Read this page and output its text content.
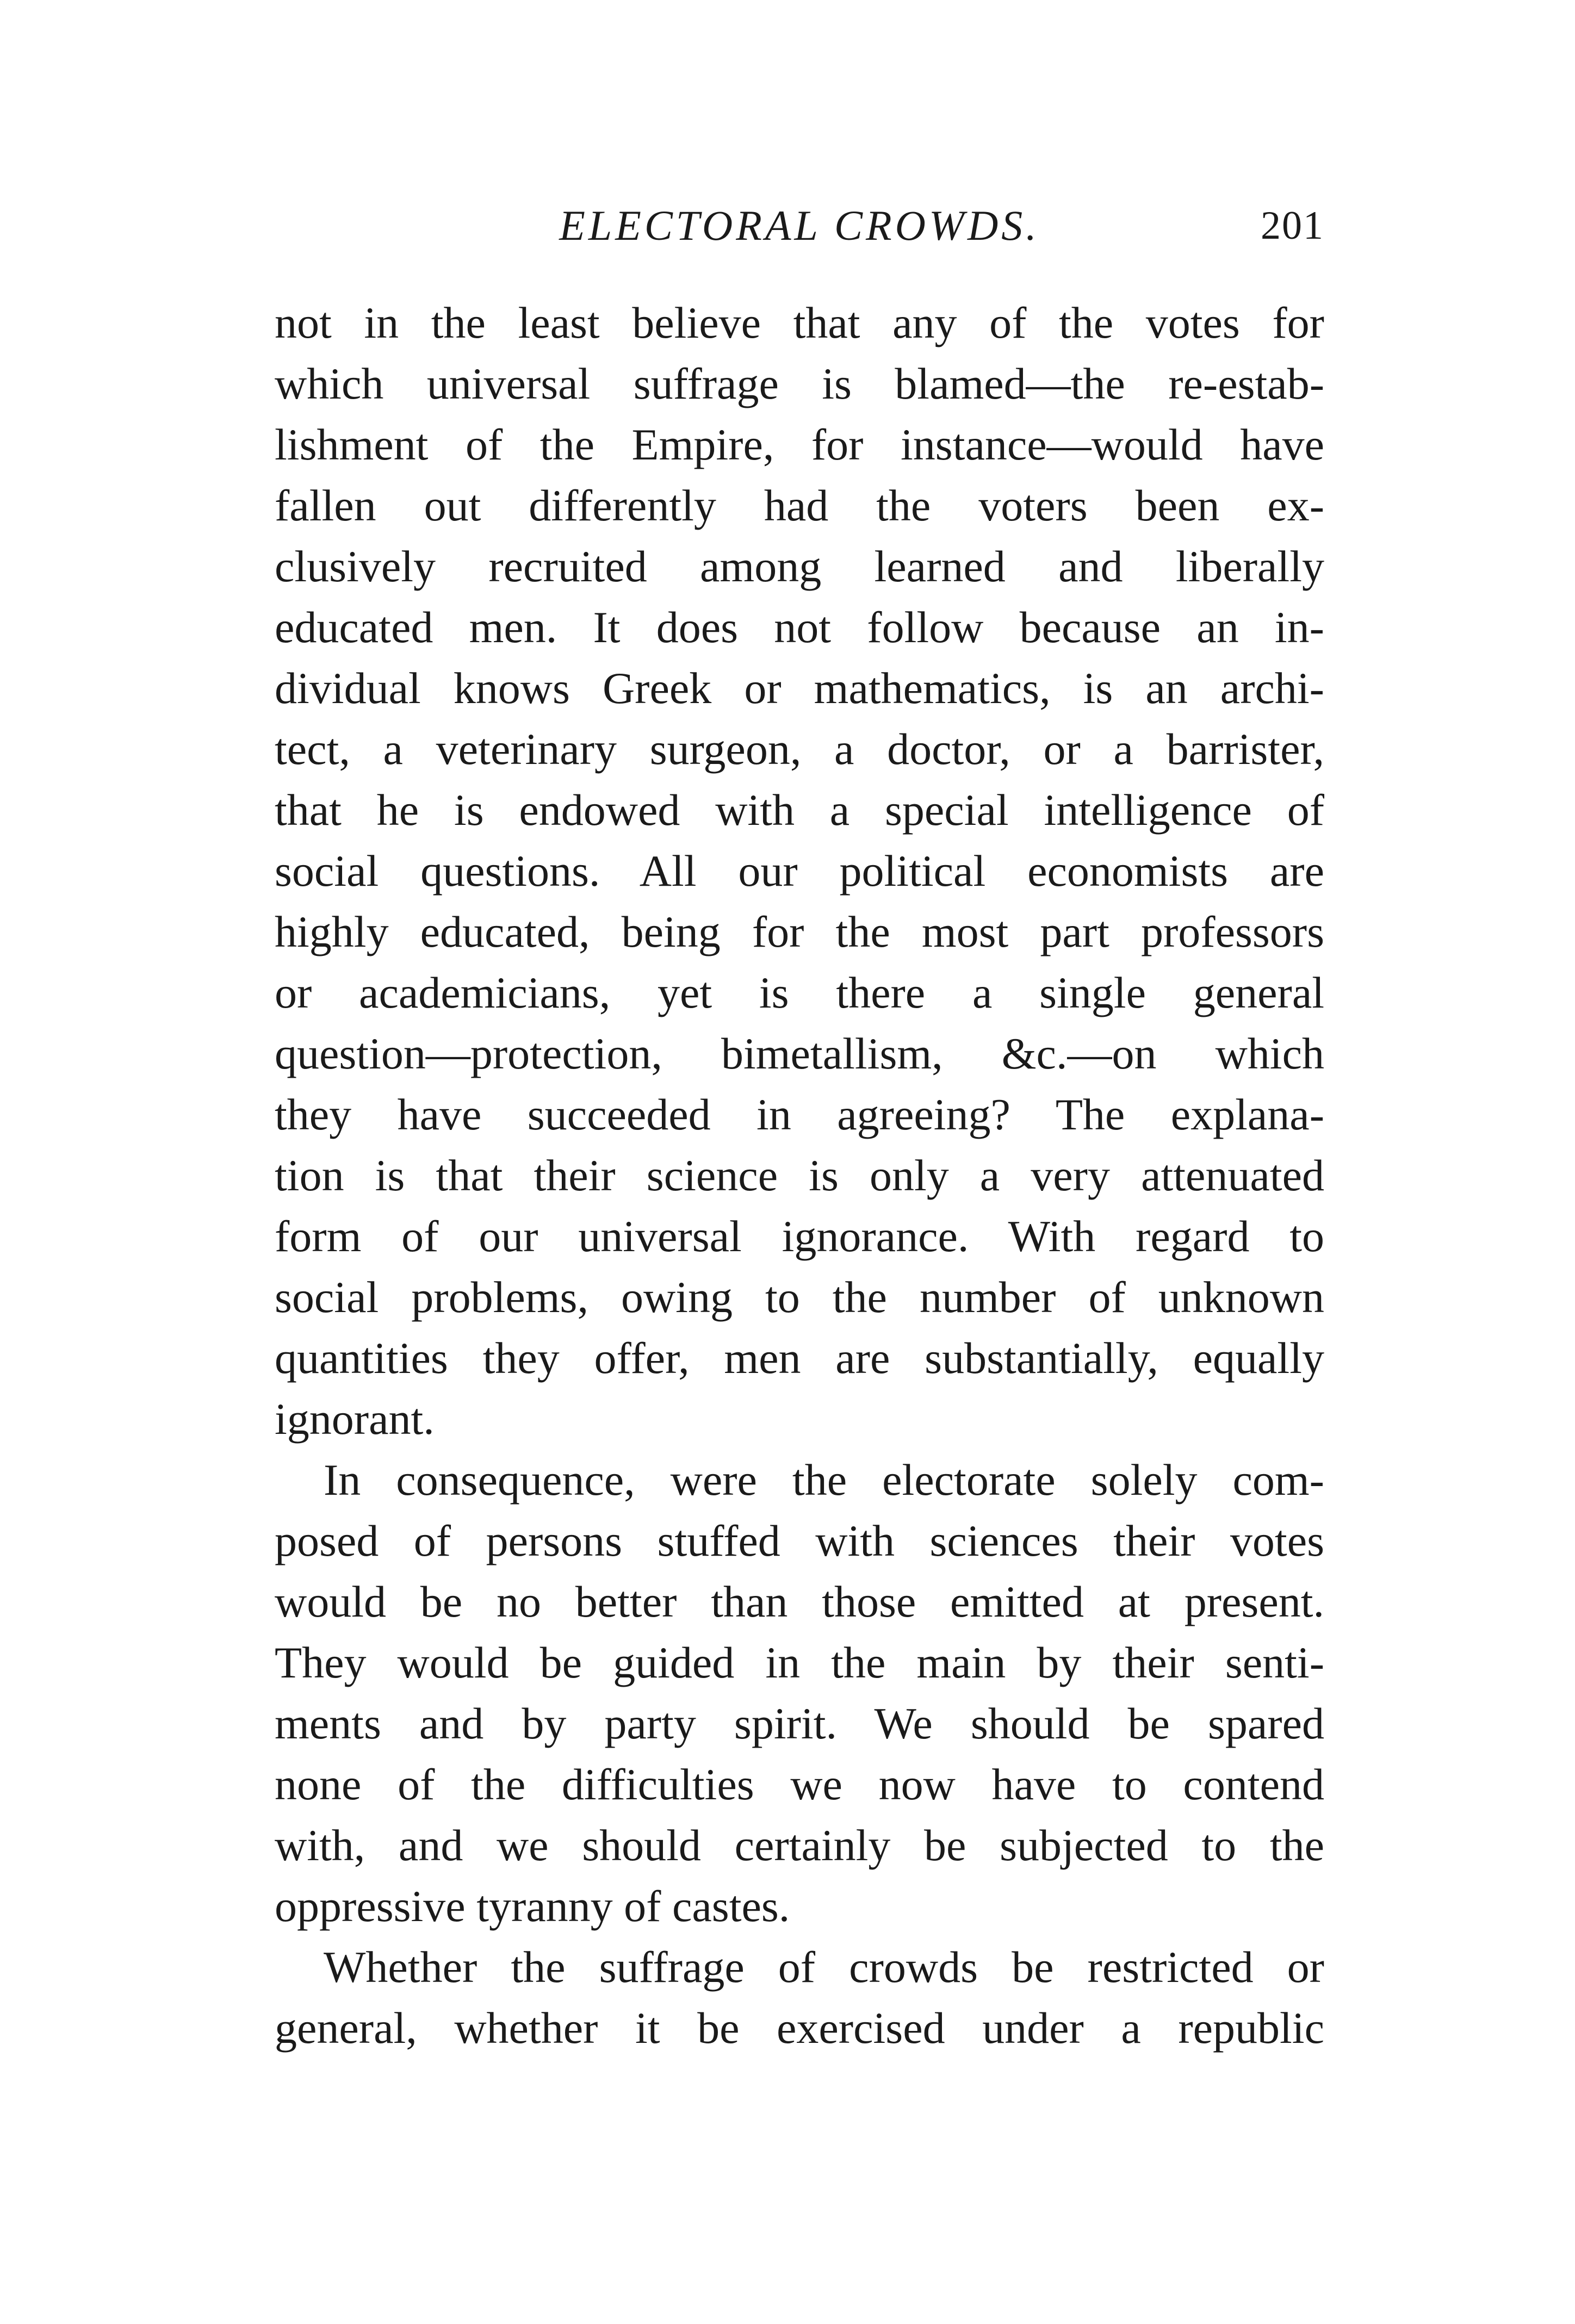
ELECTORAL CROWDS.	201
not in the least believe that any of the votes for
which universal suffrage is blamed—the re-estab-
lishment of the Empire, for instance—would have
fallen out differently had the voters been ex-
clusively recruited among learned and liberally
educated men. It does not follow because an in-
dividual knows Greek or mathematics, is an archi-
tect, a veterinary surgeon, a doctor, or a barrister,
that he is endowed with a special intelligence of
social questions. All our political economists are
highly educated, being for the most part professors
or academicians, yet is there a single general
question—protection, bimetallism, &c.—on which
they have succeeded in agreeing? The explana-
tion is that their science is only a very attenuated
form of our universal ignorance. With regard to
social problems, owing to the number of unknown
quantities they offer, men are substantially, equally
ignorant.
In consequence, were the electorate solely com-
posed of persons stuffed with sciences their votes
would be no better than those emitted at present.
They would be guided in the main by their senti-
ments and by party spirit. We should be spared
none of the difficulties we now have to contend
with, and we should certainly be subjected to the
oppressive tyranny of castes.
Whether the suffrage of crowds be restricted or
general, whether it be exercised under a republic
